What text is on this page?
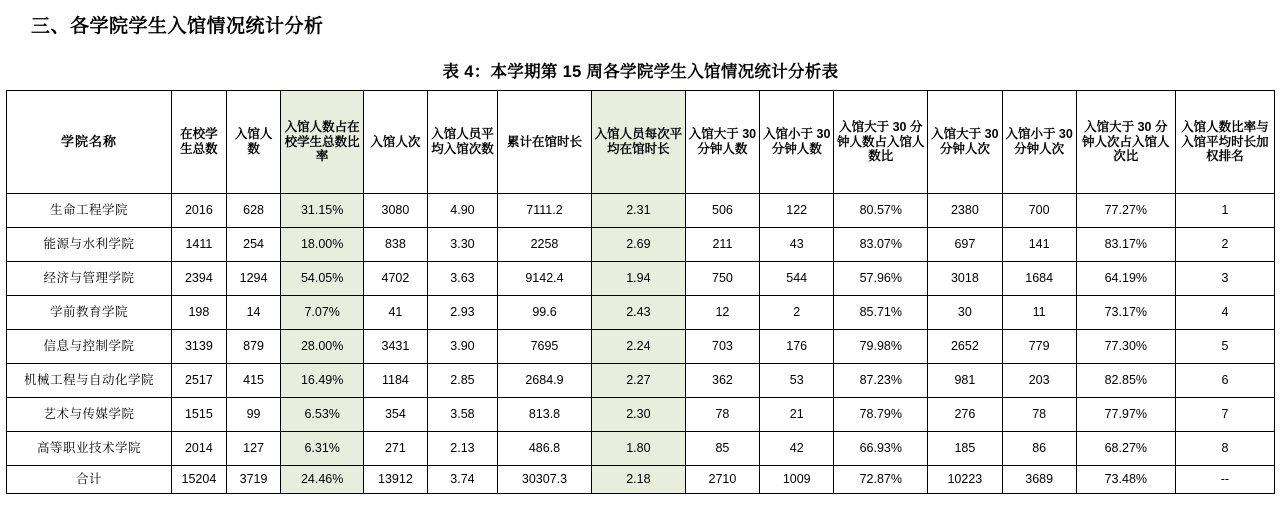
三、各学院学生入馆情况统计分析
表 4：本学期第 15 周各学院学生入馆情况统计分析表
学院名称	在校学生总数	入馆人数	入馆人数占在校学生总数比率	入馆人次	入馆人员平均入馆次数	累计在馆时长	入馆人员每次平均在馆时长	入馆大于 30 分钟人数	入馆小于 30 分钟人数	入馆大于 30 分钟人数占入馆人数比	入馆大于 30 分钟人次	入馆小于 30 分钟人次	入馆大于 30 分钟人次占入馆人次比	入馆人数比率与入馆平均时长加权排名
生命工程学院	2016	628	31.15%	3080	4.90	7111.2	2.31	506	122	80.57%	2380	700	77.27%	1
能源与水利学院	1411	254	18.00%	838	3.30	2258	2.69	211	43	83.07%	697	141	83.17%	2
经济与管理学院	2394	1294	54.05%	4702	3.63	9142.4	1.94	750	544	57.96%	3018	1684	64.19%	3
学前教育学院	198	14	7.07%	41	2.93	99.6	2.43	12	2	85.71%	30	11	73.17%	4
信息与控制学院	3139	879	28.00%	3431	3.90	7695	2.24	703	176	79.98%	2652	779	77.30%	5
机械工程与自动化学院	2517	415	16.49%	1184	2.85	2684.9	2.27	362	53	87.23%	981	203	82.85%	6
艺术与传媒学院	1515	99	6.53%	354	3.58	813.8	2.30	78	21	78.79%	276	78	77.97%	7
高等职业技术学院	2014	127	6.31%	271	2.13	486.8	1.80	85	42	66.93%	185	86	68.27%	8
合计	15204	3719	24.46%	13912	3.74	30307.3	2.18	2710	1009	72.87%	10223	3689	73.48%	--
